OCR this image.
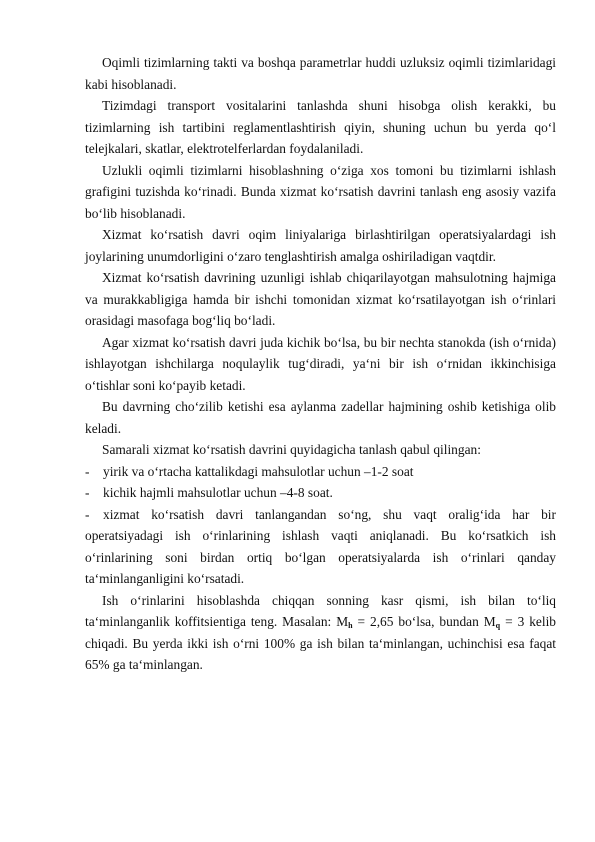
Oqimli tizimlarning takti va boshqa parametrlar huddi uzluksiz oqimli tizimlaridagi kabi hisoblanadi.

Tizimdagi transport vositalarini tanlashda shuni hisobga olish kerakki, bu tizimlarning ish tartibini reglamentlashtirish qiyin, shuning uchun bu yerda qo‘l telejkalari, skatlar, elektrotelferlardan foydalaniladi.

Uzlukli oqimli tizimlarni hisoblashning o‘ziga xos tomoni bu tizimlarni ishlash grafigini tuzishda ko‘rinadi. Bunda xizmat ko‘rsatish davrini tanlash eng asosiy vazifa bo‘lib hisoblanadi.

Xizmat ko‘rsatish davri oqim liniyalariga birlashtirilgan operatsiyalardagi ish joylarining unumdorligini o‘zaro tenglashtirish amalga oshiriladigan vaqtdir.

Xizmat ko‘rsatish davrining uzunligi ishlab chiqarilayotgan mahsulotning hajmiga va murakkabligiga hamda bir ishchi tomonidan xizmat ko‘rsatilayotgan ish o‘rinlari orasidagi masofaga bog‘liq bo‘ladi.

Agar xizmat ko‘rsatish davri juda kichik bo‘lsa, bu bir nechta stanokda (ish o‘rnida) ishlayotgan ishchilarga noqulaylik tug‘diradi, ya‘ni bir ish o‘rnidan ikkinchisiga o‘tishlar soni ko‘payib ketadi.

Bu davrning cho‘zilib ketishi esa aylanma zadellar hajmining oshib ketishiga olib keladi.

Samarali xizmat ko‘rsatish davrini quyidagicha tanlash qabul qilingan:

- yirik va o‘rtacha kattalikdagi mahsulotlar uchun –1-2 soat

- kichik hajmli mahsulotlar uchun –4-8 soat.

- xizmat ko‘rsatish davri tanlangandan so‘ng, shu vaqt oralig‘ida har bir operatsiyadagi ish o‘rinlarining ishlash vaqti aniqlanadi. Bu ko‘rsatkich ish o‘rinlarining soni birdan ortiq bo‘lgan operatsiyalarda ish o‘rinlari qanday ta‘minlanganligini ko‘rsatadi.

Ish o‘rinlarini hisoblashda chiqqan sonning kasr qismi, ish bilan to‘liq ta‘minlanganlik koffitsientiga teng. Masalan: $M_h = 2,65$ bo‘lsa, bundan $M_q = 3$ kelib chiqadi. Bu yerda ikki ish o‘rni 100% ga ish bilan ta‘minlangan, uchinchisi esa faqat 65% ga ta‘minlangan.
